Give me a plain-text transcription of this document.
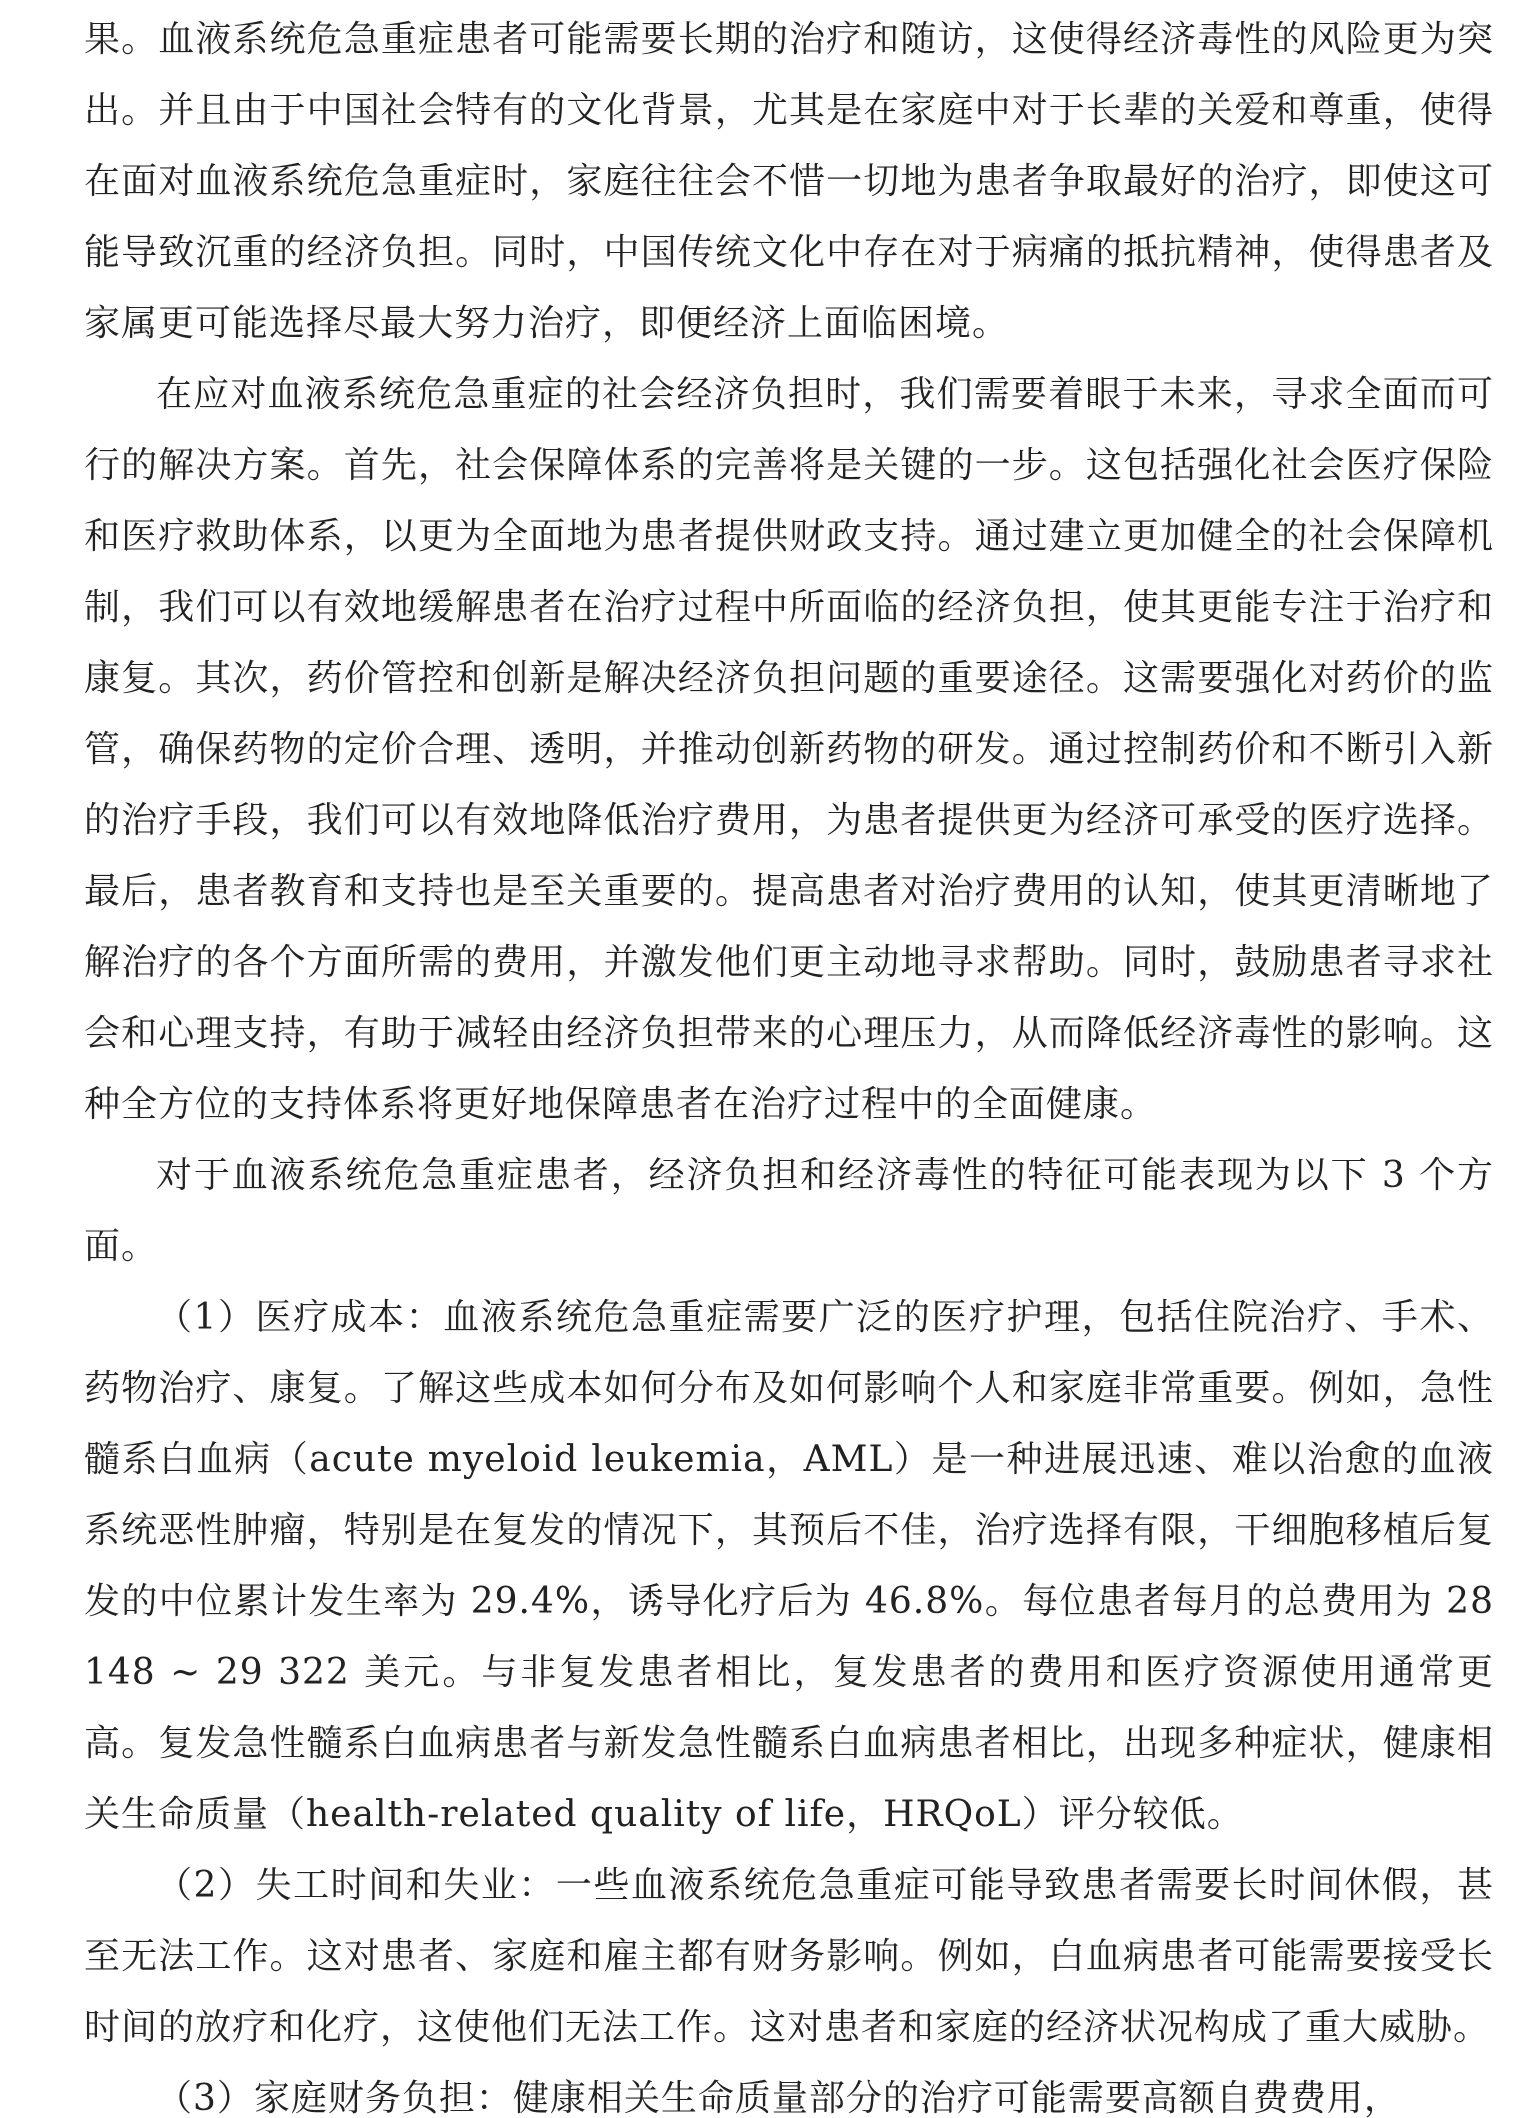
果。血液系统危急重症患者可能需要长期的治疗和随访，这使得经济毒性的风险更为突出。并且由于中国社会特有的文化背景，尤其是在家庭中对于长辈的关爱和尊重，使得在面对血液系统危急重症时，家庭往往会不惜一切地为患者争取最好的治疗，即使这可能导致沉重的经济负担。同时，中国传统文化中存在对于病痛的抵抗精神，使得患者及家属更可能选择尽最大努力治疗，即便经济上面临困境。

在应对血液系统危急重症的社会经济负担时，我们需要着眼于未来，寻求全面而可行的解决方案。首先，社会保障体系的完善将是关键的一步。这包括强化社会医疗保险和医疗救助体系，以更为全面地为患者提供财政支持。通过建立更加健全的社会保障机制，我们可以有效地缓解患者在治疗过程中所面临的经济负担，使其更能专注于治疗和康复。其次，药价管控和创新是解决经济负担问题的重要途径。这需要强化对药价的监管，确保药物的定价合理、透明，并推动创新药物的研发。通过控制药价和不断引入新的治疗手段，我们可以有效地降低治疗费用，为患者提供更为经济可承受的医疗选择。最后，患者教育和支持也是至关重要的。提高患者对治疗费用的认知，使其更清晰地了解治疗的各个方面所需的费用，并激发他们更主动地寻求帮助。同时，鼓励患者寻求社会和心理支持，有助于减轻由经济负担带来的心理压力，从而降低经济毒性的影响。这种全方位的支持体系将更好地保障患者在治疗过程中的全面健康。

对于血液系统危急重症患者，经济负担和经济毒性的特征可能表现为以下 3 个方面。

（1）医疗成本：血液系统危急重症需要广泛的医疗护理，包括住院治疗、手术、药物治疗、康复。了解这些成本如何分布及如何影响个人和家庭非常重要。例如，急性髓系白血病（acute myeloid leukemia，AML）是一种进展迅速、难以治愈的血液系统恶性肿瘤，特别是在复发的情况下，其预后不佳，治疗选择有限，干细胞移植后复发的中位累计发生率为 29.4%，诱导化疗后为 46.8%。每位患者每月的总费用为 28 148 ~ 29 322 美元。与非复发患者相比，复发患者的费用和医疗资源使用通常更高。复发急性髓系白血病患者与新发急性髓系白血病患者相比，出现多种症状，健康相关生命质量（health-related quality of life，HRQoL）评分较低。

（2）失工时间和失业：一些血液系统危急重症可能导致患者需要长时间休假，甚至无法工作。这对患者、家庭和雇主都有财务影响。例如，白血病患者可能需要接受长时间的放疗和化疗，这使他们无法工作。这对患者和家庭的经济状况构成了重大威胁。

（3）家庭财务负担：健康相关生命质量部分的治疗可能需要高额自费费用，
